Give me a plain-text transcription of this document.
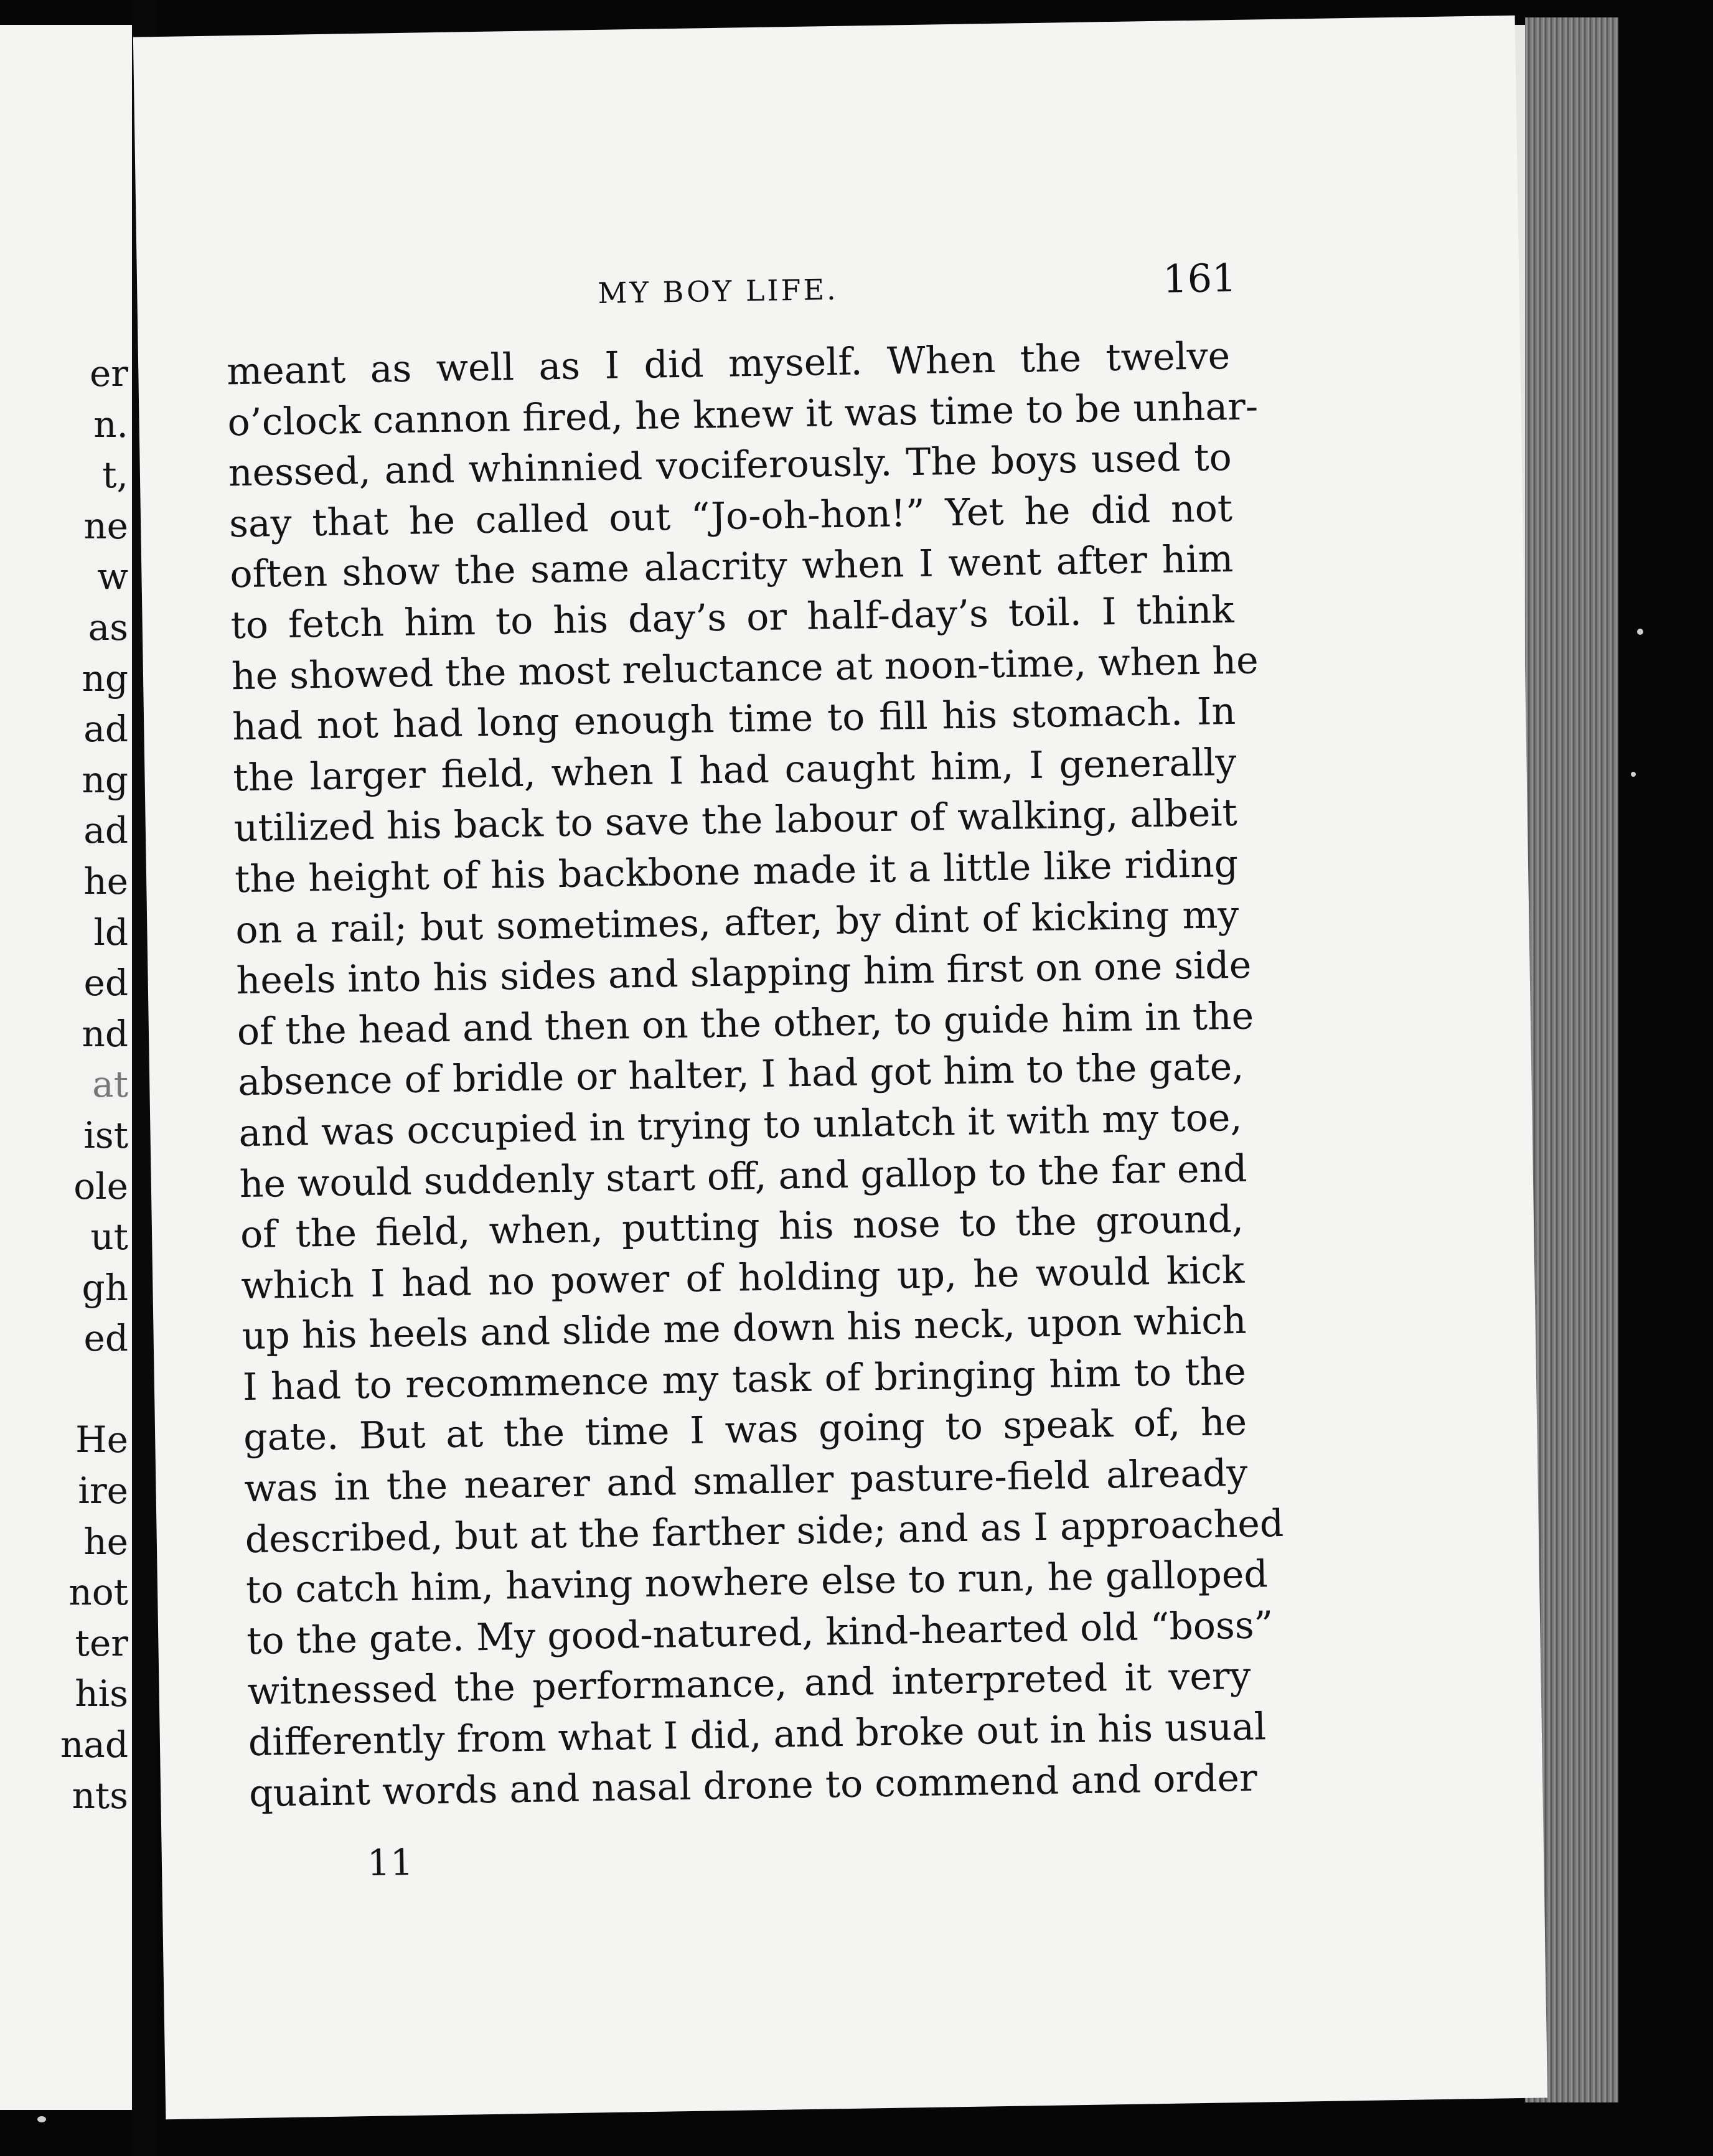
er
n.
t,
ne
w
as
ng
ad
ng
ad
he
ld
ed
nd
at
ist
ole
ut
gh
ed
He
ire
he
not
ter
his
nad
nts
MY BOY LIFE.	161
meant as well as I did myself. When the twelve
o’clock cannon fired, he knew it was time to be unhar-
nessed, and whinnied vociferously. The boys used to
say that he called out “Jo-oh-hon!” Yet he did not
often show the same alacrity when I went after him
to fetch him to his day’s or half-day’s toil. I think
he showed the most reluctance at noon-time, when he
had not had long enough time to fill his stomach. In
the larger field, when I had caught him, I generally
utilized his back to save the labour of walking, albeit
the height of his backbone made it a little like riding
on a rail; but sometimes, after, by dint of kicking my
heels into his sides and slapping him first on one side
of the head and then on the other, to guide him in the
absence of bridle or halter, I had got him to the gate,
and was occupied in trying to unlatch it with my toe,
he would suddenly start off, and gallop to the far end
of the field, when, putting his nose to the ground,
which I had no power of holding up, he would kick
up his heels and slide me down his neck, upon which
I had to recommence my task of bringing him to the
gate. But at the time I was going to speak of, he
was in the nearer and smaller pasture-field already
described, but at the farther side; and as I approached
to catch him, having nowhere else to run, he galloped
to the gate. My good-natured, kind-hearted old “boss”
witnessed the performance, and interpreted it very
differently from what I did, and broke out in his usual
quaint words and nasal drone to commend and order
11
